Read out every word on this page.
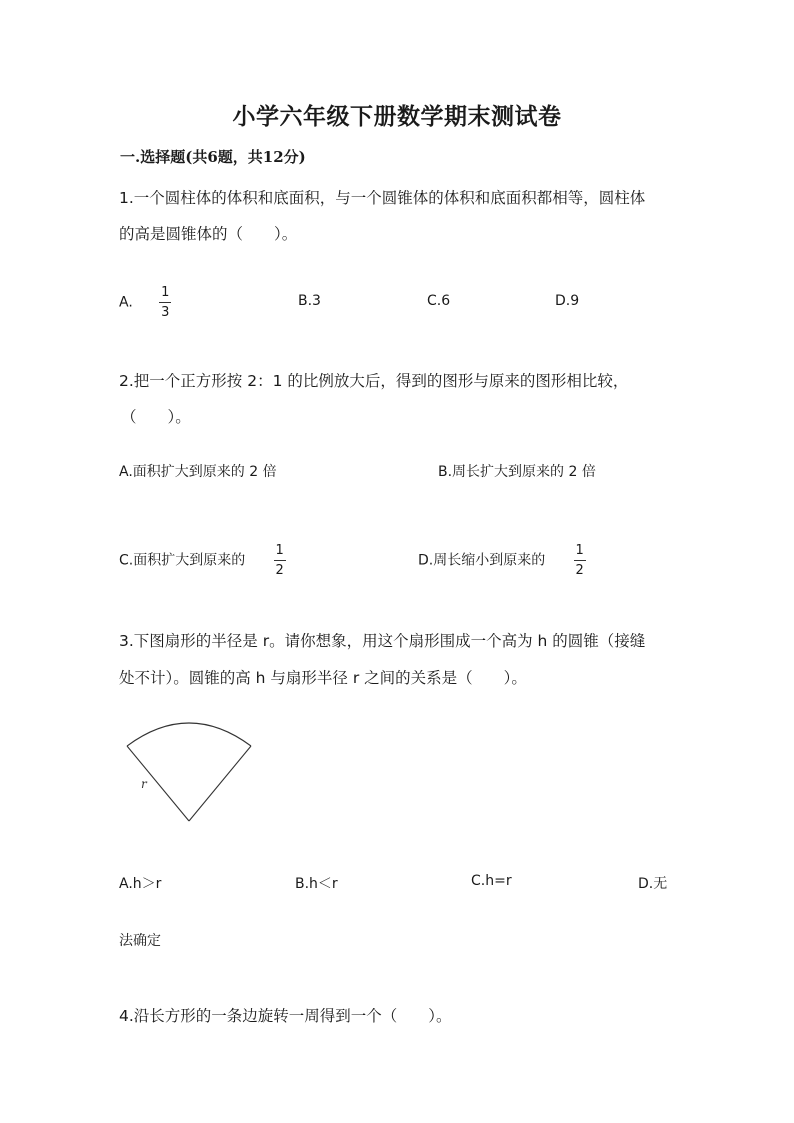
小学六年级下册数学期末测试卷
一.选择题(共6题，共12分)
1.一个圆柱体的体积和底面积，与一个圆锥体的体积和底面积都相等，圆柱体
的高是圆锥体的（　　）。
A. $\frac{1}{3}$	B.3	C.6	D.9
2.把一个正方形按 2：1 的比例放大后，得到的图形与原来的图形相比较，
（　　）。
A.面积扩大到原来的 2 倍	B.周长扩大到原来的 2 倍
C.面积扩大到原来的 $\frac{1}{2}$	D.周长缩小到原来的 $\frac{1}{2}$
3.下图扇形的半径是 r。请你想象，用这个扇形围成一个高为 h 的圆锥（接缝
处不计）。圆锥的高 h 与扇形半径 r 之间的关系是（　　）。
r
A.h＞r	B.h＜r	C.h=r	D.无
法确定
4.沿长方形的一条边旋转一周得到一个（　　）。
